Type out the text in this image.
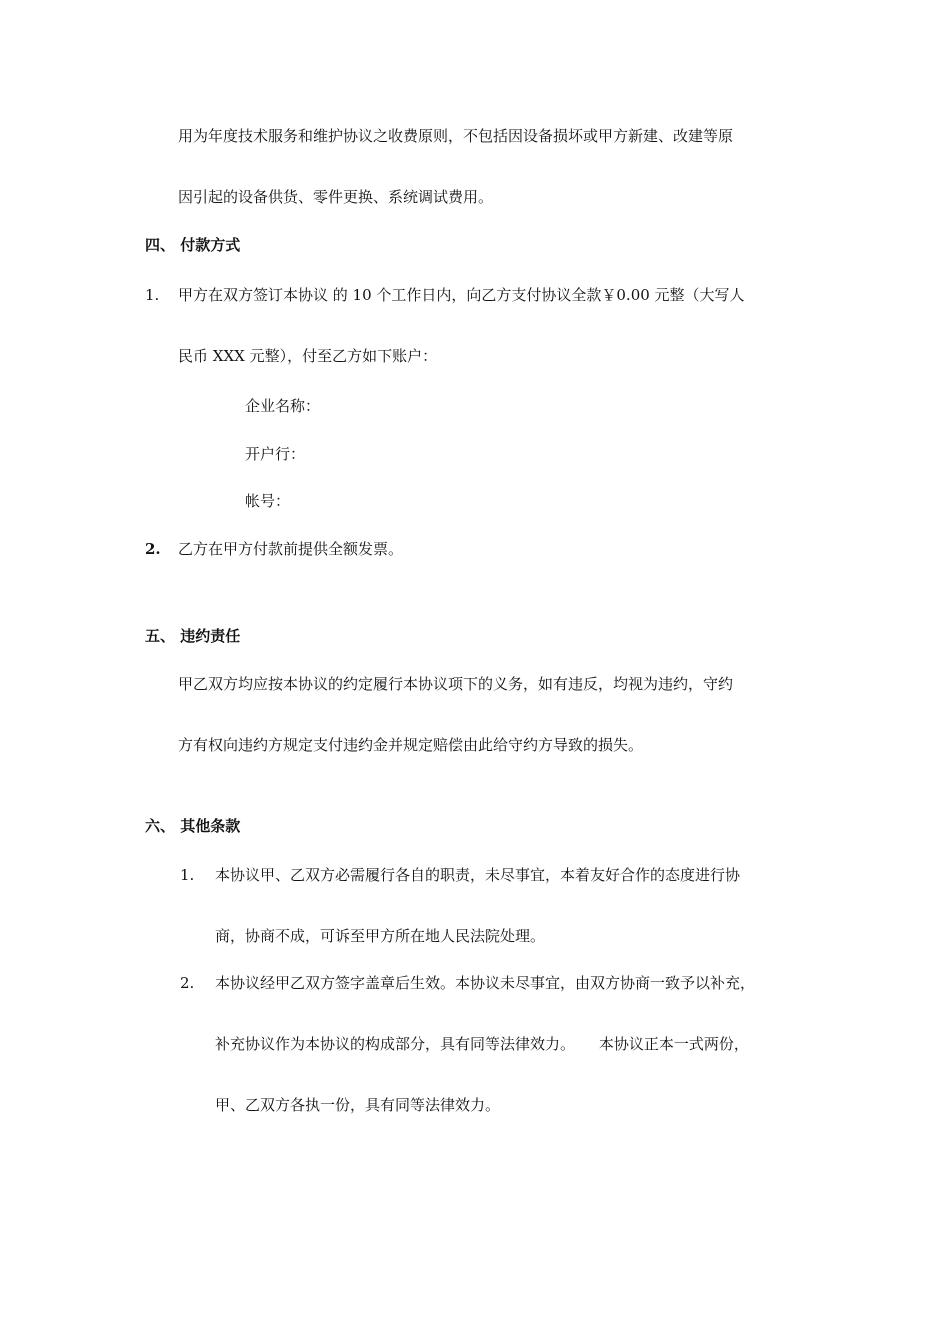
用为年度技术服务和维护协议之收费原则，不包括因设备损坏或甲方新建、改建等原
因引起的设备供货、零件更换、系统调试费用。
四、 付款方式
1. 甲方在双方签订本协议 的 10 个工作日内，向乙方支付协议全款￥0.00 元整（大写人
民币 XXX 元整），付至乙方如下账户：
企业名称：
开户行：
帐号：
2. 乙方在甲方付款前提供全额发票。
五、 违约责任
甲乙双方均应按本协议的约定履行本协议项下的义务，如有违反，均视为违约，守约
方有权向违约方规定支付违约金并规定赔偿由此给守约方导致的损失。
六、 其他条款
1. 本协议甲、乙双方必需履行各自的职责，未尽事宜，本着友好合作的态度进行协
商，协商不成，可诉至甲方所在地人民法院处理。
2. 本协议经甲乙双方签字盖章后生效。本协议未尽事宜，由双方协商一致予以补充，
补充协议作为本协议的构成部分，具有同等法律效力。     本协议正本一式两份，
甲、乙双方各执一份，具有同等法律效力。
